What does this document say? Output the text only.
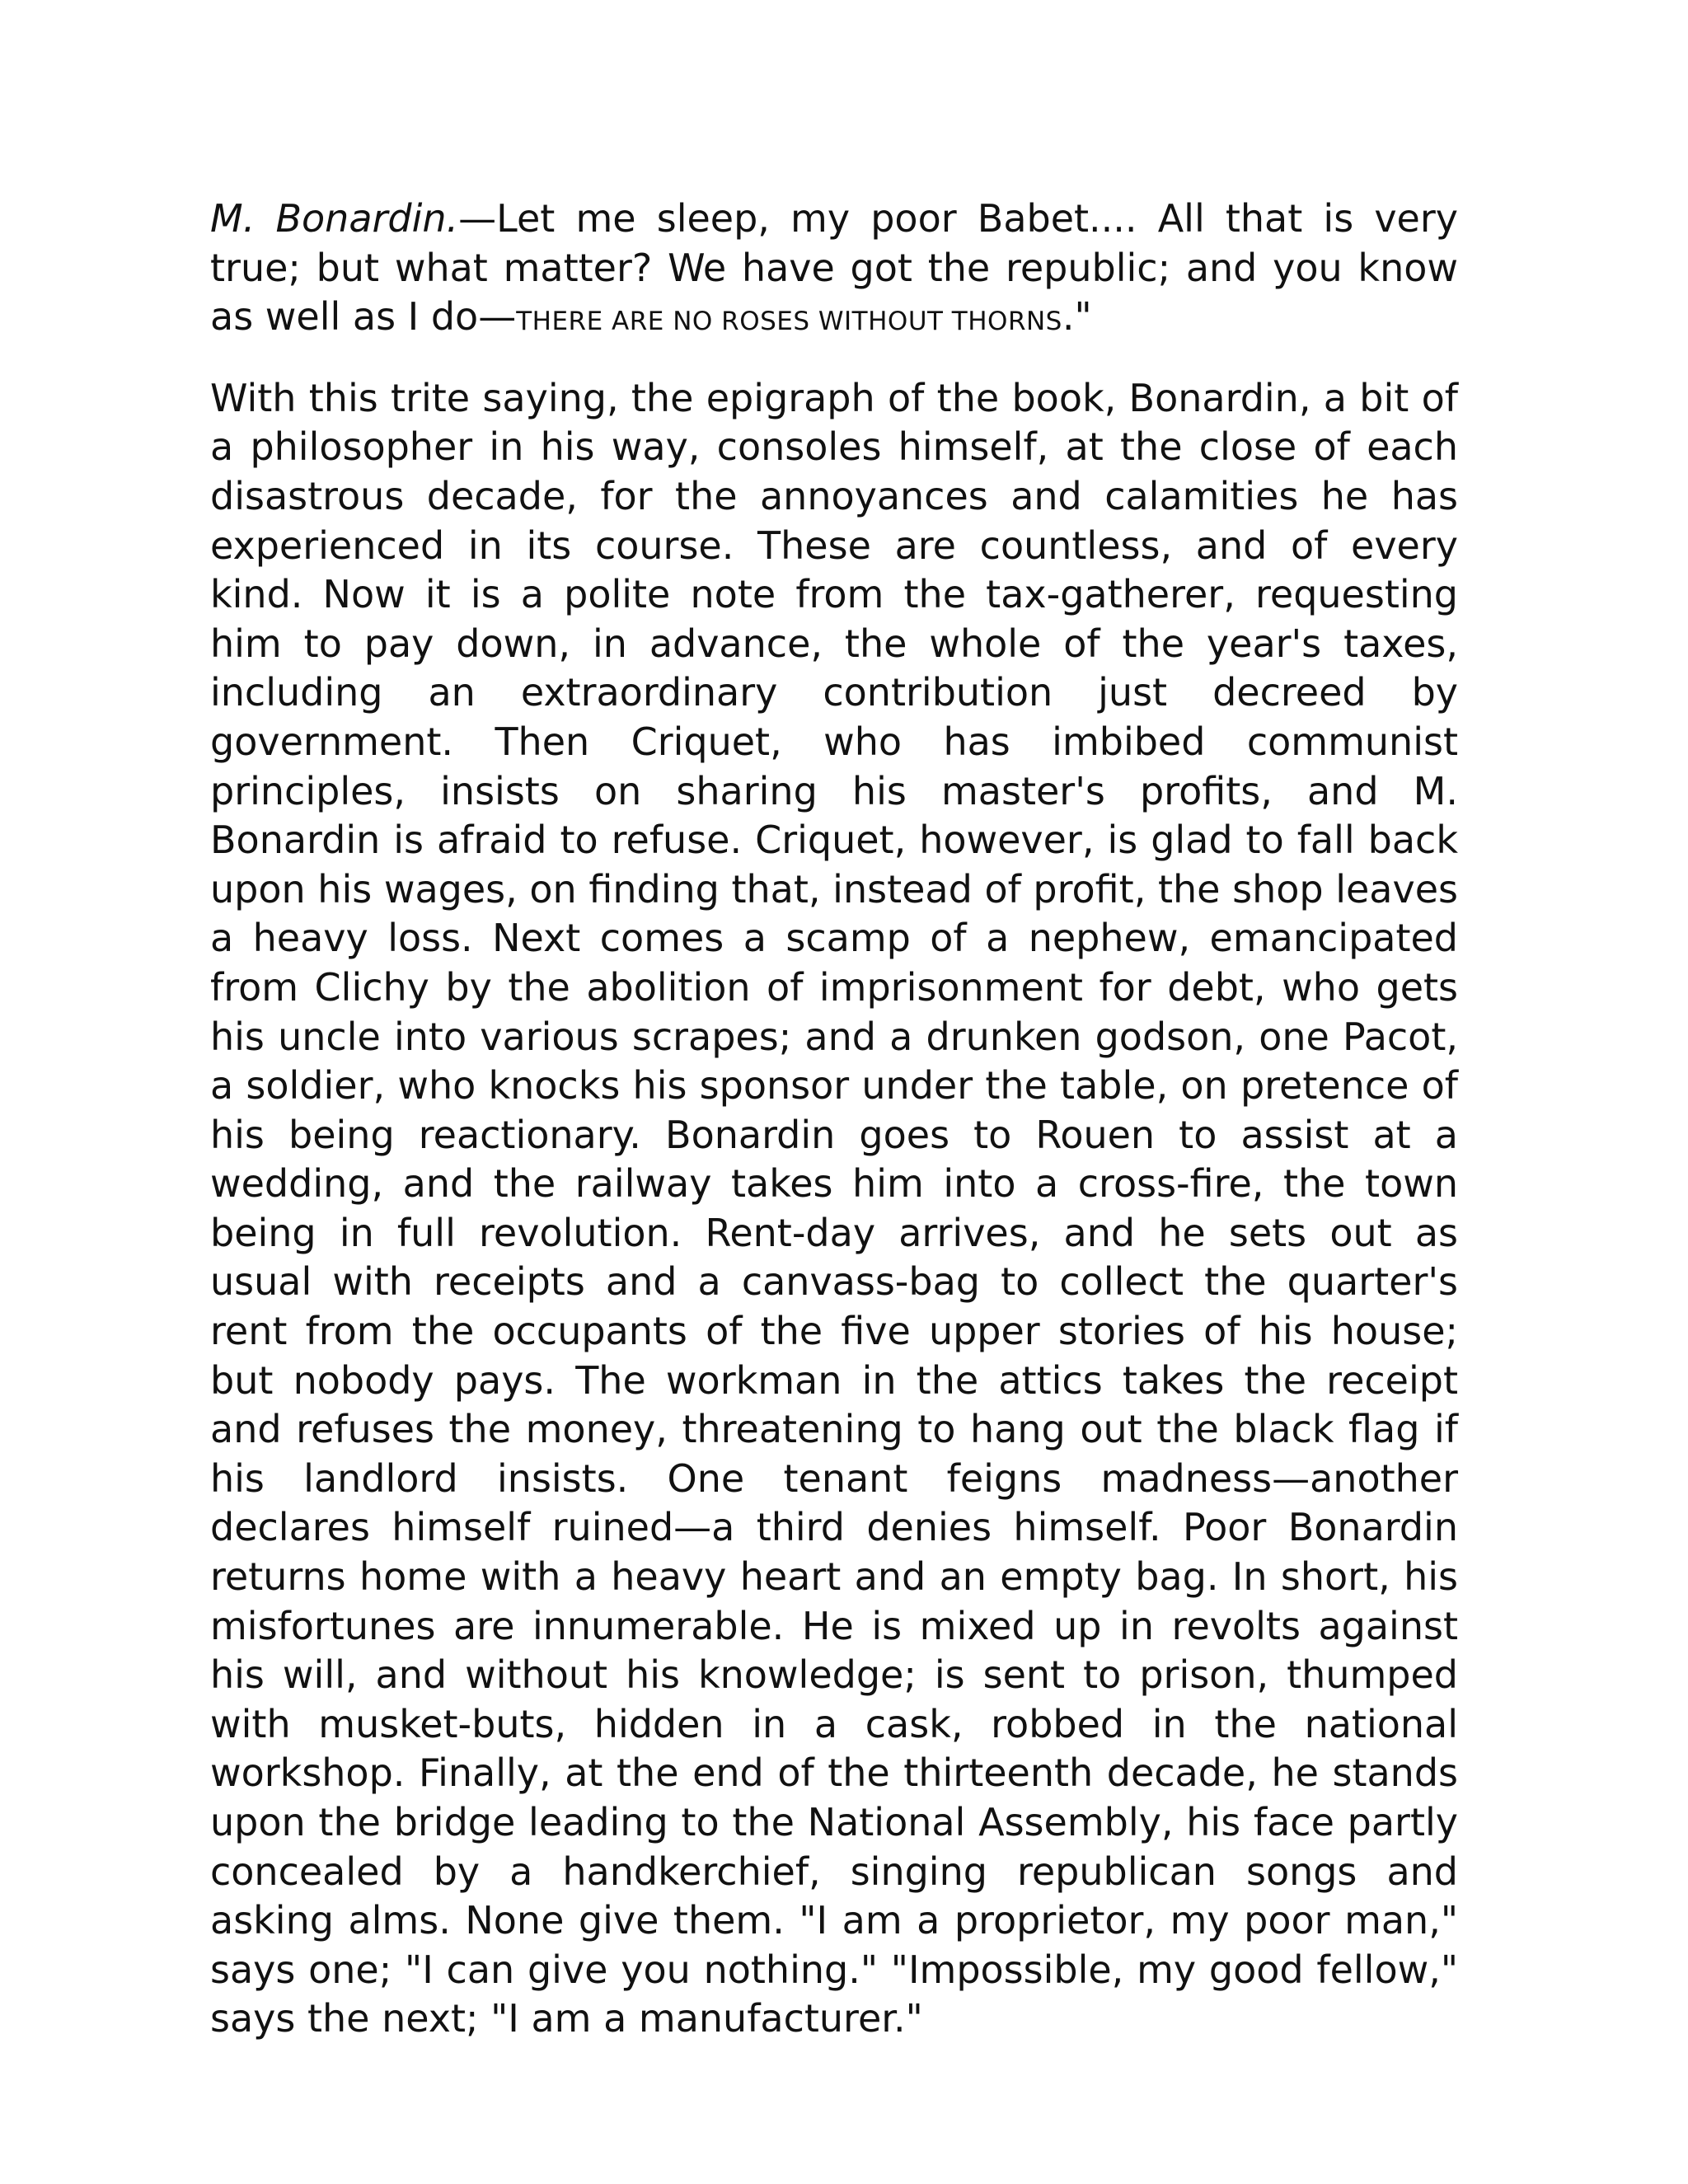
M. Bonardin.—Let me sleep, my poor Babet.... All that is very true; but what matter? We have got the republic; and you know as well as I do—THERE ARE NO ROSES WITHOUT THORNS."

With this trite saying, the epigraph of the book, Bonardin, a bit of a philosopher in his way, consoles himself, at the close of each disastrous decade, for the annoyances and calamities he has experienced in its course. These are countless, and of every kind. Now it is a polite note from the tax-gatherer, requesting him to pay down, in advance, the whole of the year's taxes, including an extraordinary contribution just decreed by government. Then Criquet, who has imbibed communist principles, insists on sharing his master's profits, and M. Bonardin is afraid to refuse. Criquet, however, is glad to fall back upon his wages, on finding that, instead of profit, the shop leaves a heavy loss. Next comes a scamp of a nephew, emancipated from Clichy by the abolition of imprisonment for debt, who gets his uncle into various scrapes; and a drunken godson, one Pacot, a soldier, who knocks his sponsor under the table, on pretence of his being reactionary. Bonardin goes to Rouen to assist at a wedding, and the railway takes him into a cross-fire, the town being in full revolution. Rent-day arrives, and he sets out as usual with receipts and a canvass-bag to collect the quarter's rent from the occupants of the five upper stories of his house; but nobody pays. The workman in the attics takes the receipt and refuses the money, threatening to hang out the black flag if his landlord insists. One tenant feigns madness—another declares himself ruined—a third denies himself. Poor Bonardin returns home with a heavy heart and an empty bag. In short, his misfortunes are innumerable. He is mixed up in revolts against his will, and without his knowledge; is sent to prison, thumped with musket-buts, hidden in a cask, robbed in the national workshop. Finally, at the end of the thirteenth decade, he stands upon the bridge leading to the National Assembly, his face partly concealed by a handkerchief, singing republican songs and asking alms. None give them. "I am a proprietor, my poor man," says one; "I can give you nothing." "Impossible, my good fellow," says the next; "I am a manufacturer."
